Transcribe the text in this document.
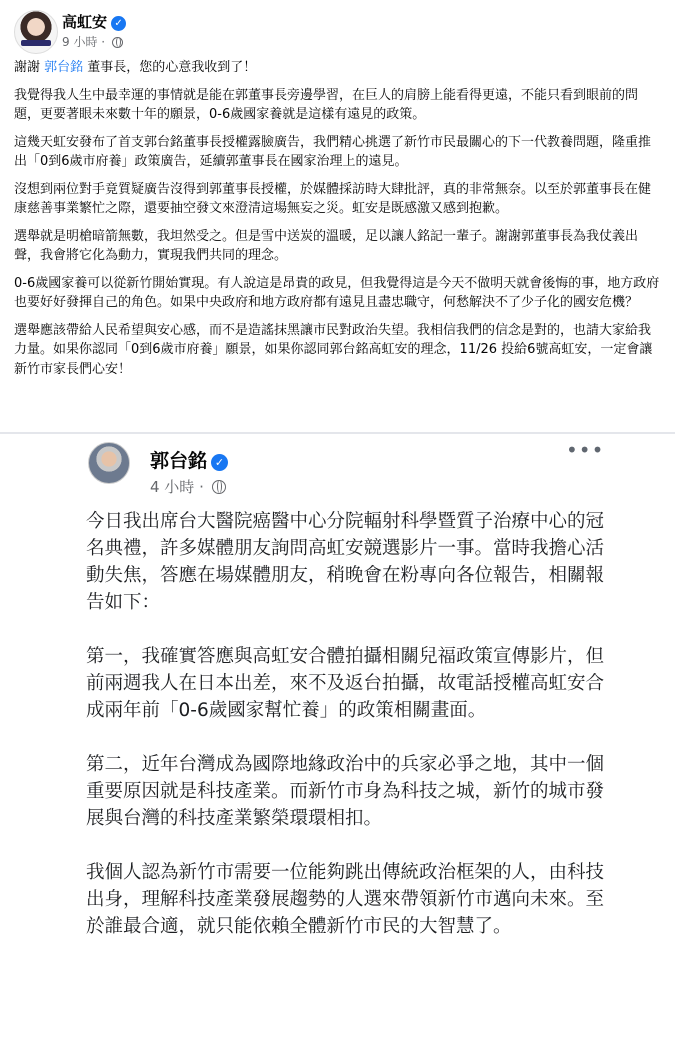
高虹安 ✓
9 小時 ·

謝謝 郭台銘 董事長，您的心意我收到了！

我覺得我人生中最幸運的事情就是能在郭董事長旁邊學習，在巨人的肩膀上能看得更遠，不能只看到眼前的問題，更要著眼未來數十年的願景，0-6歲國家養就是這樣有遠見的政策。

這幾天虹安發布了首支郭台銘董事長授權露臉廣告，我們精心挑選了新竹市民最關心的下一代教養問題，隆重推出「0到6歲市府養」政策廣告，延續郭董事長在國家治理上的遠見。

沒想到兩位對手竟質疑廣告沒得到郭董事長授權，於媒體採訪時大肆批評，真的非常無奈。以至於郭董事長在健康慈善事業繁忙之際，還要抽空發文來澄清這場無妄之災。虹安是既感激又感到抱歉。

選舉就是明槍暗箭無數，我坦然受之。但是雪中送炭的溫暖，足以讓人銘記一輩子。謝謝郭董事長為我仗義出聲，我會將它化為動力，實現我們共同的理念。

0-6歲國家養可以從新竹開始實現。有人說這是昂貴的政見，但我覺得這是今天不做明天就會後悔的事，地方政府也要好好發揮自己的角色。如果中央政府和地方政府都有遠見且盡忠職守，何愁解決不了少子化的國安危機？

選舉應該帶給人民希望與安心感，而不是造謠抹黑讓市民對政治失望。我相信我們的信念是對的，也請大家給我力量。如果你認同「0到6歲市府養」願景，如果你認同郭台銘高虹安的理念，11/26 投給6號高虹安，一定會讓新竹市家長們心安！

郭台銘 ✓
4 小時 ·
•••

今日我出席台大醫院癌醫中心分院輻射科學暨質子治療中心的冠名典禮，許多媒體朋友詢問高虹安競選影片一事。當時我擔心活動失焦，答應在場媒體朋友，稍晚會在粉專向各位報告，相關報告如下：

第一，我確實答應與高虹安合體拍攝相關兒福政策宣傳影片，但前兩週我人在日本出差，來不及返台拍攝，故電話授權高虹安合成兩年前「0-6歲國家幫忙養」的政策相關畫面。

第二，近年台灣成為國際地緣政治中的兵家必爭之地，其中一個重要原因就是科技產業。而新竹市身為科技之城，新竹的城市發展與台灣的科技產業繁榮環環相扣。

我個人認為新竹市需要一位能夠跳出傳統政治框架的人，由科技出身，理解科技產業發展趨勢的人選來帶領新竹市邁向未來。至於誰最合適，就只能依賴全體新竹市民的大智慧了。
